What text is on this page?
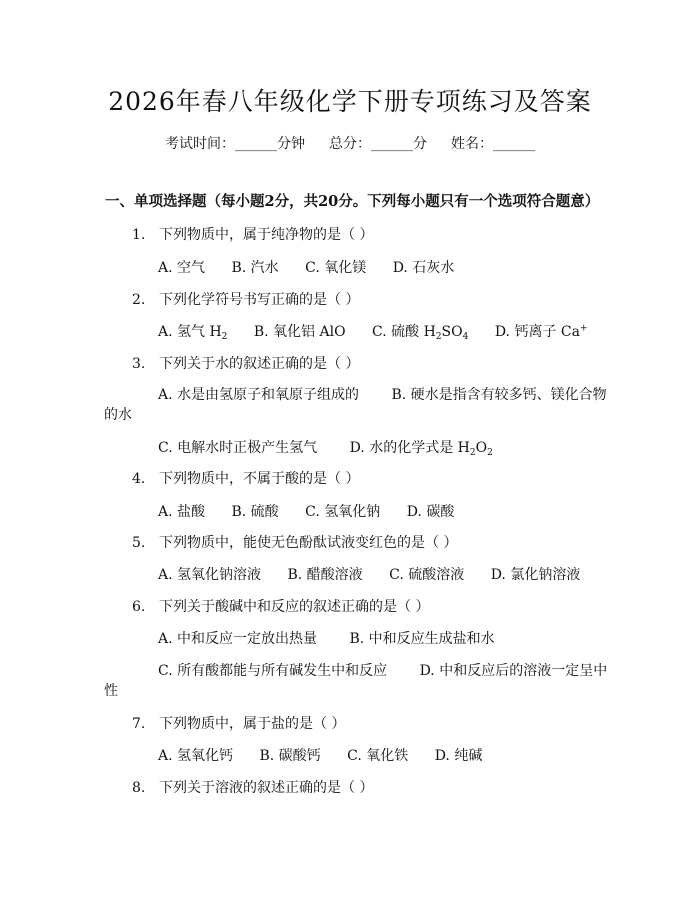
2026年春八年级化学下册专项练习及答案
考试时间：______分钟 总分：______分 姓名：______
一、单项选择题（每小题2分，共20分。下列每小题只有一个选项符合题意）
1. 下列物质中，属于纯净物的是（ ）
A. 空气 B. 汽水 C. 氧化镁 D. 石灰水
2. 下列化学符号书写正确的是（ ）
A. 氢气 $H_2$ B. 氧化铝 AlO C. 硫酸 $H_2SO_4$ D. 钙离子 Ca+
3. 下列关于水的叙述正确的是（ ）
A. 水是由氢原子和氧原子组成的 B. 硬水是指含有较多钙、镁化合物
的水
C. 电解水时正极产生氢气 D. 水的化学式是 $H_2O_2$
4. 下列物质中，不属于酸的是（ ）
A. 盐酸 B. 硫酸 C. 氢氧化钠 D. 碳酸
5. 下列物质中，能使无色酚酞试液变红色的是（ ）
A. 氢氧化钠溶液 B. 醋酸溶液 C. 硫酸溶液 D. 氯化钠溶液
6. 下列关于酸碱中和反应的叙述正确的是（ ）
A. 中和反应一定放出热量 B. 中和反应生成盐和水
C. 所有酸都能与所有碱发生中和反应 D. 中和反应后的溶液一定呈中
性
7. 下列物质中，属于盐的是（ ）
A. 氢氧化钙 B. 碳酸钙 C. 氧化铁 D. 纯碱
8. 下列关于溶液的叙述正确的是（ ）
